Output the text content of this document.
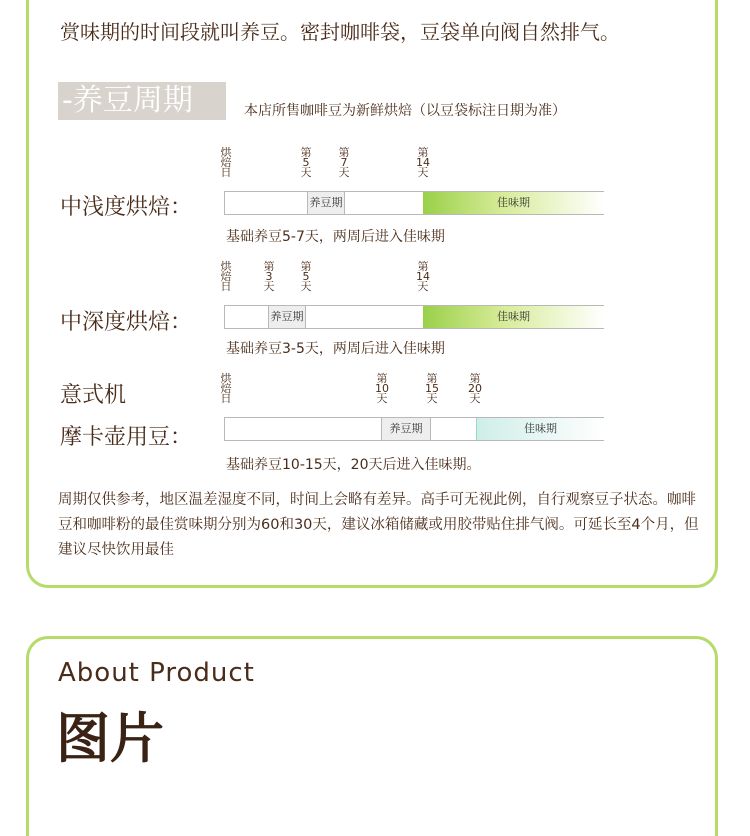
赏味期的时间段就叫养豆。密封咖啡袋，豆袋单向阀自然排气。
-养豆周期	本店所售咖啡豆为新鲜烘焙（以豆袋标注日期为准）
烘
焙
日
第
5
天
第
7
天
第
14
天
中浅度烘焙：	养豆期	佳味期
基础养豆5-7天，两周后进入佳味期
烘
焙
日
第
3
天
第
5
天
第
14
天
中深度烘焙：	养豆期	佳味期
基础养豆3-5天，两周后进入佳味期
烘
焙
日
第
10
天
第
15
天
第
20
天
意式机
摩卡壶用豆：	养豆期	佳味期
基础养豆10-15天，20天后进入佳味期。
周期仅供参考，地区温差湿度不同，时间上会略有差异。高手可无视此例，自行观察豆子状态。咖啡豆和咖啡粉的最佳赏味期分别为60和30天，建议冰箱储藏或用胶带贴住排气阀。可延长至4个月，但建议尽快饮用最佳
About Product
图片
